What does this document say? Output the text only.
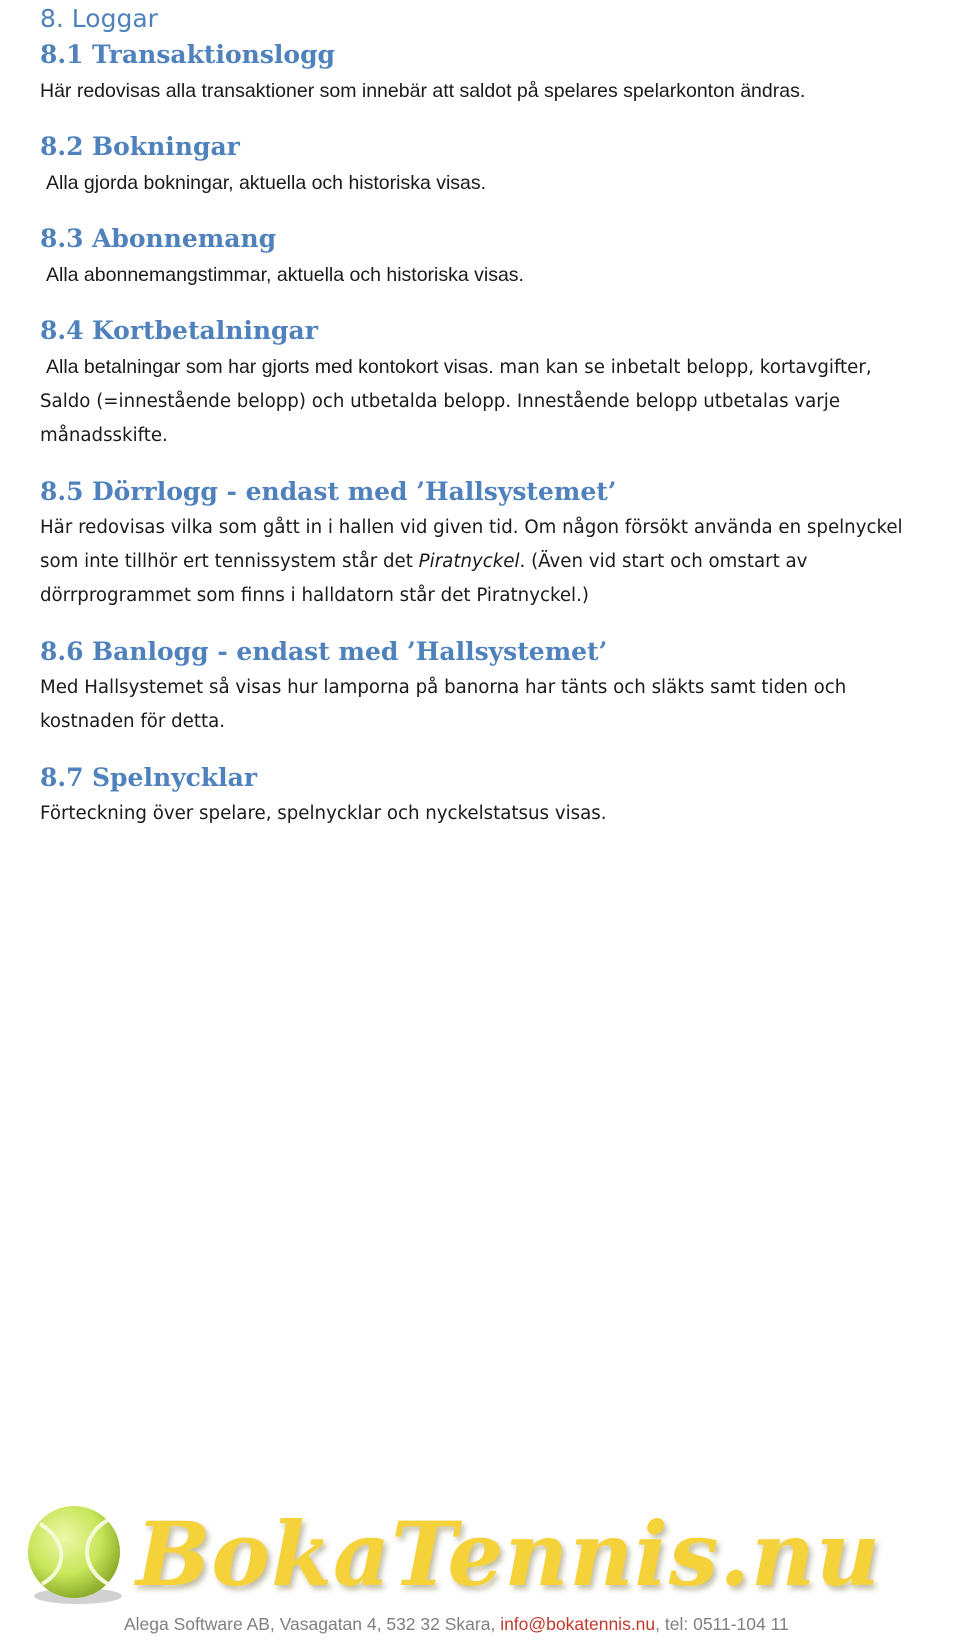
8. Loggar
8.1 Transaktionslogg

Här redovisas alla transaktioner som innebär att saldot på spelares spelarkonton ändras.

8.2 Bokningar

Alla gjorda bokningar, aktuella och historiska visas.

8.3 Abonnemang

Alla abonnemangstimmar, aktuella och historiska visas.

8.4 Kortbetalningar

Alla betalningar som har gjorts med kontokort visas. man kan se inbetalt belopp, kortavgifter,
Saldo (=innestående belopp) och utbetalda belopp. Innestående belopp utbetalas varje
månadsskifte.

8.5 Dörrlogg - endast med ’Hallsystemet’

Här redovisas vilka som gått in i hallen vid given tid. Om någon försökt använda en spelnyckel
som inte tillhör ert tennissystem står det Piratnyckel. (Även vid start och omstart av
dörrprogrammet som finns i halldatorn står det Piratnyckel.)

8.6 Banlogg - endast med ’Hallsystemet’

Med Hallsystemet så visas hur lamporna på banorna har tänts och släkts samt tiden och
kostnaden för detta.

8.7 Spelnycklar

Förteckning över spelare, spelnycklar och nyckelstatsus visas.

BokaTennis.nu
Alega Software AB, Vasagatan 4, 532 32 Skara, info@bokatennis.nu, tel: 0511-104 11
